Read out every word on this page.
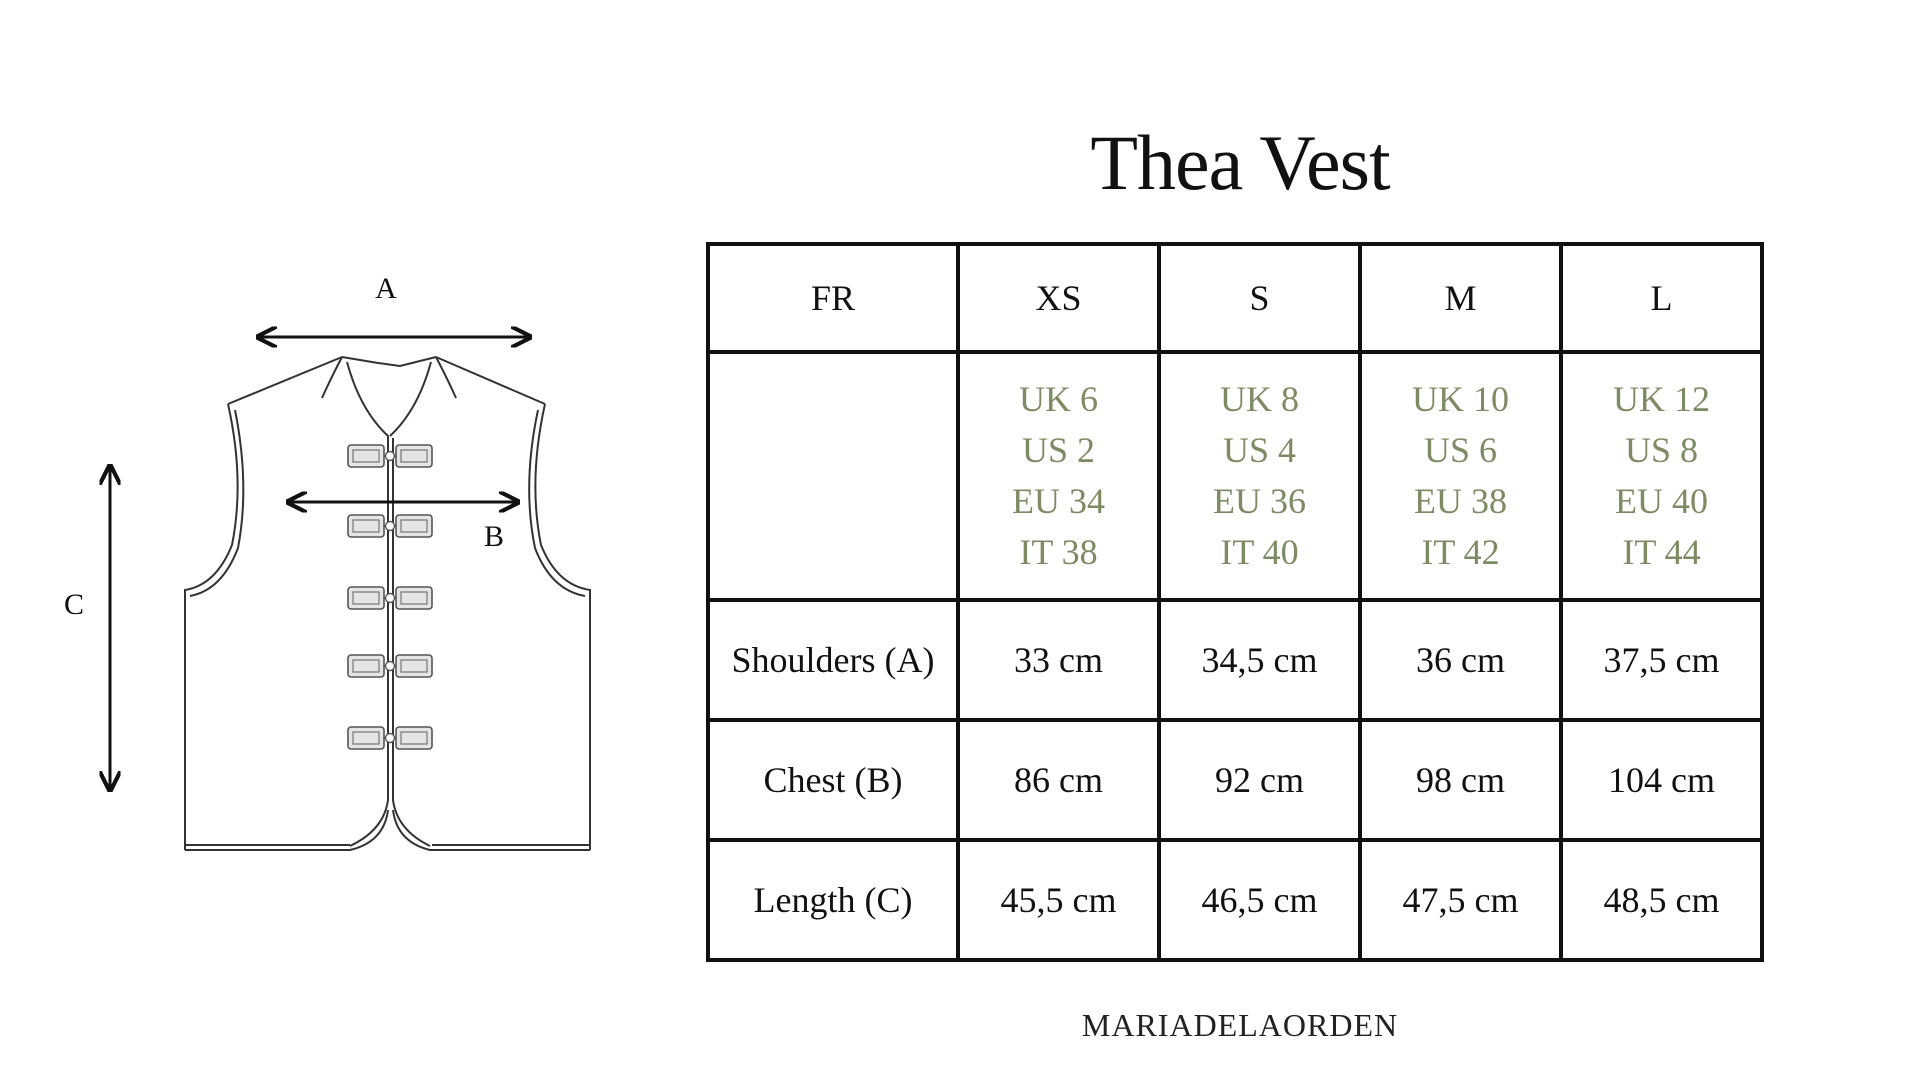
A
B
C
Thea Vest
FR	XS	S	M	L

	UK 6
US 2
EU 34
IT 38	UK 8
US 4
EU 36
IT 40	UK 10
US 6
EU 38
IT 42	UK 12
US 8
EU 40
IT 44

Shoulders (A)	33 cm	34,5 cm	36 cm	37,5 cm
Chest (B)	86 cm	92 cm	98 cm	104 cm
Length (C)	45,5 cm	46,5 cm	47,5 cm	48,5 cm
MARIADELAORDEN
